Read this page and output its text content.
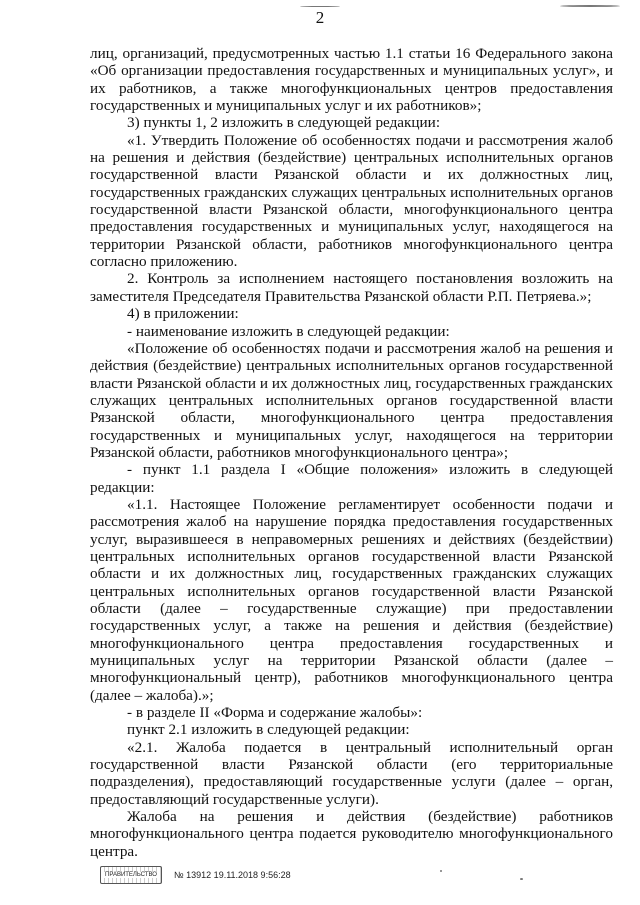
2

лиц, организаций, предусмотренных частью 1.1 статьи 16 Федерального закона «Об организации предоставления государственных и муниципальных услуг», и их работников, а также многофункциональных центров предоставления государственных и муниципальных услуг и их работников»;

3) пункты 1, 2 изложить в следующей редакции:

«1. Утвердить Положение об особенностях подачи и рассмотрения жалоб на решения и действия (бездействие) центральных исполнительных органов государственной власти Рязанской области и их должностных лиц, государственных гражданских служащих центральных исполнительных органов государственной власти Рязанской области, многофункционального центра предоставления государственных и муниципальных услуг, находящегося на территории Рязанской области, работников многофункционального центра согласно приложению.

2. Контроль за исполнением настоящего постановления возложить на заместителя Председателя Правительства Рязанской области Р.П. Петряева.»;

4) в приложении:

- наименование изложить в следующей редакции:

«Положение об особенностях подачи и рассмотрения жалоб на решения и действия (бездействие) центральных исполнительных органов государственной власти Рязанской области и их должностных лиц, государственных гражданских служащих центральных исполнительных органов государственной власти Рязанской области, многофункционального центра предоставления государственных и муниципальных услуг, находящегося на территории Рязанской области, работников многофункционального центра»;

- пункт 1.1 раздела I «Общие положения» изложить в следующей редакции:

«1.1. Настоящее Положение регламентирует особенности подачи и рассмотрения жалоб на нарушение порядка предоставления государственных услуг, выразившееся в неправомерных решениях и действиях (бездействии) центральных исполнительных органов государственной власти Рязанской области и их должностных лиц, государственных гражданских служащих центральных исполнительных органов государственной власти Рязанской области (далее – государственные служащие) при предоставлении государственных услуг, а также на решения и действия (бездействие) многофункционального центра предоставления государственных и муниципальных услуг на территории Рязанской области (далее – многофункциональный центр), работников многофункционального центра (далее – жалоба).»;

- в разделе II «Форма и содержание жалобы»:

пункт 2.1 изложить в следующей редакции:

«2.1. Жалоба подается в центральный исполнительный орган государственной власти Рязанской области (его территориальные подразделения), предоставляющий государственные услуги (далее – орган, предоставляющий государственные услуги).

Жалоба на решения и действия (бездействие) работников многофункционального центра подается руководителю многофункционального центра.

ПРАВИТЕЛЬСТВО № 13912 19.11.2018 9:56:28
